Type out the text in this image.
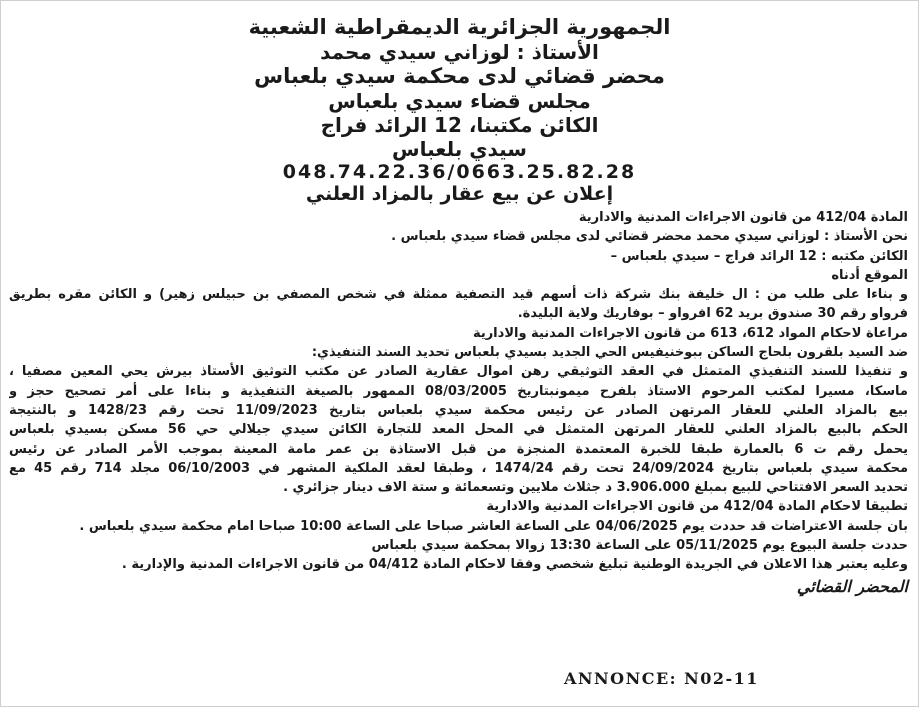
الجمهورية الجزائرية الديمقراطية الشعبية
الأستاذ : لوزاني سيدي محمد
محضر قضائي لدى محكمة سيدي بلعباس
مجلس قضاء سيدي بلعباس
الكائن مكتبنا، 12 الرائد فراج
سيدي بلعباس
048.74.22.36/0663.25.82.28
إعلان عن بيع عقار بالمزاد العلني

المادة 412/04 من قانون الاجراءات المدنية والادارية

نحن الأستاذ : لوزاني سيدي محمد محضر قضائي لدى مجلس قضاء سيدي بلعباس .

الكائن مكتبه : 12 الرائد فراج – سيدي بلعباس –

الموقع أدناه

و بناءا على طلب من : ال خليفة بنك شركة ذات أسهم قيد التصفية ممثلة في شخص المصفي بن حبيلس زهير) و الكائن مقره بطريق

فرواو رقم 30 صندوق بريد 62 افرواو – بوفاريك ولاية البليدة.

مراعاة لاحكام المواد 612، 613 من قانون الاجراءات المدنية والادارية

ضد السيد بلقرون بلحاج الساكن ببوخنيفيس الحي الجديد بسيدي بلعباس تحديد السند التنفيذي:

و تنفيذا للسند التنفيذي المتمثل في العقد التوثيقي رهن اموال عقارية الصادر عن مكتب التوثيق الأستاذ بيرش يحي المعين مصفيا ،

ماسكا، مسيرا لمكتب المرحوم الاستاذ بلفرح ميمونبتاريخ 08/03/2005 الممهور بالصيغة التنفيذية و بناءا على أمر تصحيح حجز و

بيع بالمزاد العلني للعقار المرتهن الصادر عن رئيس محكمة سيدي بلعباس بتاريخ 11/09/2023 تحت رقم 1428/23 و بالنتيجة

الحكم بالبيع بالمزاد العلني للعقار المرتهن المتمثل في المحل المعد للتجارة الكائن سيدي جيلالي حي 56 مسكن بسيدي بلعباس

يحمل رقم ت 6 بالعمارة طبقا للخبرة المعتمدة المنجزة من قبل الاستاذة بن عمر مامة المعينة بموجب الأمر الصادر عن رئيس

محكمة سيدي بلعباس بتاريخ 24/09/2024 تحت رقم 1474/24 ، وطبقا لعقد الملكية المشهر في 06/10/2003 مجلد 714 رقم 45 مع

تحديد السعر الافتتاحي للبيع بمبلغ 3.906.000 د جثلاث ملايين وتسعمائة و ستة الاف دينار جزائري .

تطبيقا لاحكام المادة 412/04 من قانون الاجراءات المدنية والادارية

بان جلسة الاعتراضات قد حددت يوم 04/06/2025 على الساعة العاشر صباحا على الساعة 10:00 صباحا امام محكمة سيدي بلعباس .

حددت جلسة البيوع يوم 05/11/2025 على الساعة 13:30 زوالا بمحكمة سيدي بلعباس

وعليه يعتبر هذا الاعلان في الجريدة الوطنية تبليغ شخصي وفقا لاحكام المادة 04/412 من قانون الاجراءات المدنية والإدارية .

المحضر القضائي
ANNONCE: N02-11
